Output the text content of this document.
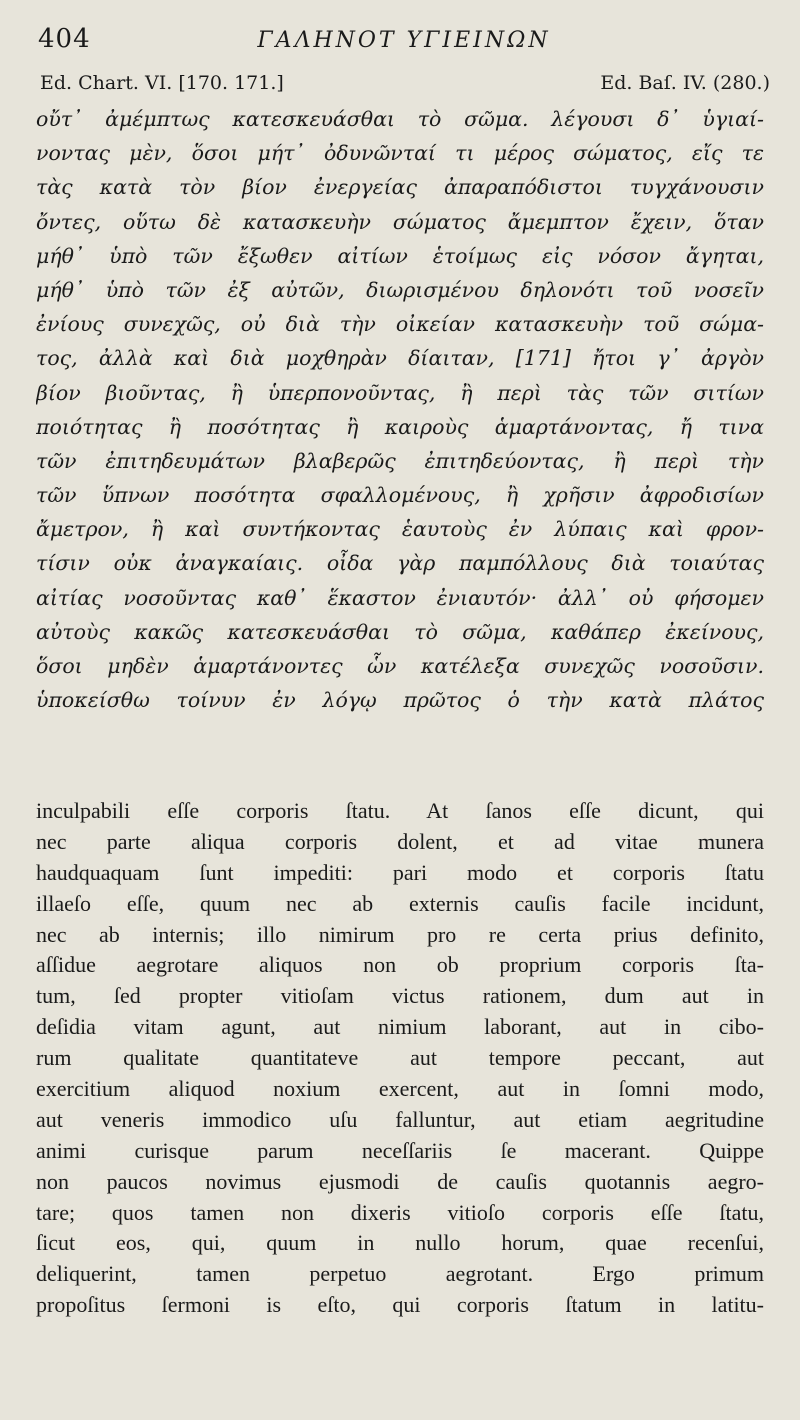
404	ΓΑΛΗΝΟΤ ΥΓΙΕΙΝΩΝ
Ed. Chart. VI. [170. 171.]	Ed. Baſ. IV. (280.)
οὔτ᾽ ἀμέμπτως κατεσκευάσθαι τὸ σῶμα. λέγουσι δ᾽ ὑγιαί-
νοντας μὲν, ὅσοι μήτ᾽ ὀδυνῶνταί τι μέρος σώματος, εἴς τε
τὰς κατὰ τὸν βίον ἐνεργείας ἀπαραπόδιστοι τυγχάνουσιν
ὄντες, οὕτω δὲ κατασκευὴν σώματος ἄμεμπτον ἔχειν, ὅταν
μήθ᾽ ὑπὸ τῶν ἔξωθεν αἰτίων ἑτοίμως εἰς νόσον ἄγηται,
μήθ᾽ ὑπὸ τῶν ἐξ αὐτῶν, διωρισμένου δηλονότι τοῦ νοσεῖν
ἐνίους συνεχῶς, οὐ διὰ τὴν οἰκείαν κατασκευὴν τοῦ σώμα-
τος, ἀλλὰ καὶ διὰ μοχθηρὰν δίαιταν, [171] ἤτοι γ᾽ ἀργὸν
βίον βιοῦντας, ἢ ὑπερπονοῦντας, ἢ περὶ τὰς τῶν σιτίων
ποιότητας ἢ ποσότητας ἢ καιροὺς ἁμαρτάνοντας, ἤ τινα
τῶν ἐπιτηδευμάτων βλαβερῶς ἐπιτηδεύοντας, ἢ περὶ τὴν
τῶν ὕπνων ποσότητα σφαλλομένους, ἢ χρῆσιν ἀφροδισίων
ἄμετρον, ἢ καὶ συντήκοντας ἑαυτοὺς ἐν λύπαις καὶ φρον-
τίσιν οὐκ ἀναγκαίαις. οἶδα γὰρ παμπόλλους διὰ τοιαύτας
αἰτίας νοσοῦντας καθ᾽ ἕκαστον ἐνιαυτόν· ἀλλ᾽ οὐ φήσομεν
αὐτοὺς κακῶς κατεσκευάσθαι τὸ σῶμα, καθάπερ ἐκείνους,
ὅσοι μηδὲν ἁμαρτάνοντες ὧν κατέλεξα συνεχῶς νοσοῦσιν.
ὑποκείσθω τοίνυν ἐν λόγῳ πρῶτος ὁ τὴν κατὰ πλάτος
inculpabili eſſe corporis ſtatu. At ſanos eſſe dicunt, qui
nec parte aliqua corporis dolent, et ad vitae munera
haudquaquam ſunt impediti: pari modo et corporis ſtatu
illaeſo eſſe, quum nec ab externis cauſis facile incidunt,
nec ab internis; illo nimirum pro re certa prius definito,
aſſidue aegrotare aliquos non ob proprium corporis ſta-
tum, ſed propter vitioſam victus rationem, dum aut in
deſidia vitam agunt, aut nimium laborant, aut in cibo-
rum qualitate quantitateve aut tempore peccant, aut
exercitium aliquod noxium exercent, aut in ſomni modo,
aut veneris immodico uſu falluntur, aut etiam aegritudine
animi curisque parum neceſſariis ſe macerant. Quippe
non paucos novimus ejusmodi de cauſis quotannis aegro-
tare; quos tamen non dixeris vitioſo corporis eſſe ſtatu,
ſicut eos, qui, quum in nullo horum, quae recenſui,
deliquerint, tamen perpetuo aegrotant. Ergo primum
propoſitus ſermoni is eſto, qui corporis ſtatum in latitu-
